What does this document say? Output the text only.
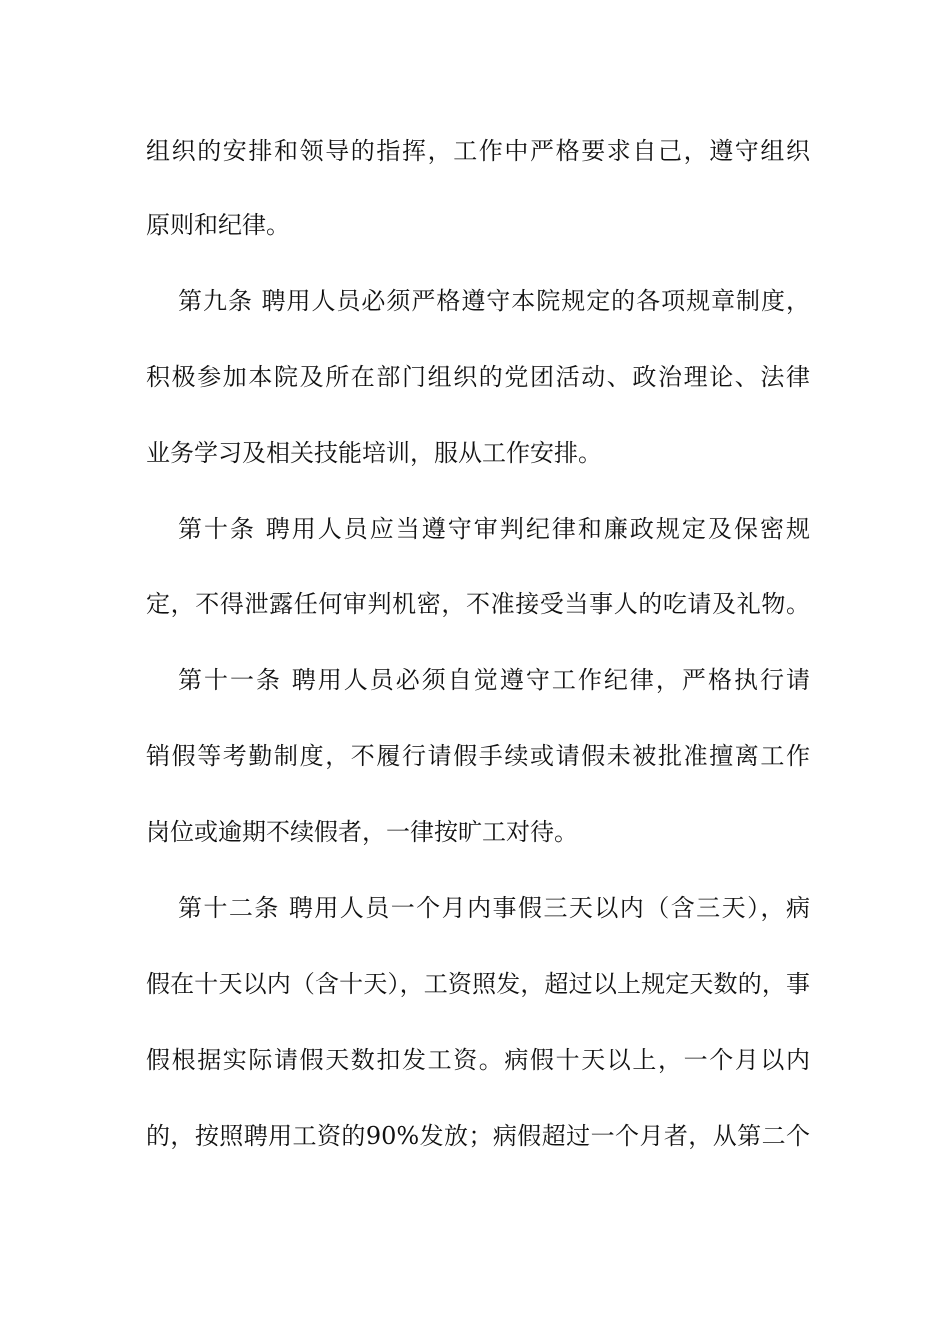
组织的安排和领导的指挥，工作中严格要求自己，遵守组织
原则和纪律。
第九条 聘用人员必须严格遵守本院规定的各项规章制度，
积极参加本院及所在部门组织的党团活动、政治理论、法律
业务学习及相关技能培训，服从工作安排。
第十条 聘用人员应当遵守审判纪律和廉政规定及保密规
定，不得泄露任何审判机密，不准接受当事人的吃请及礼物。
第十一条 聘用人员必须自觉遵守工作纪律，严格执行请
销假等考勤制度，不履行请假手续或请假未被批准擅离工作
岗位或逾期不续假者，一律按旷工对待。
第十二条 聘用人员一个月内事假三天以内（含三天），病
假在十天以内（含十天），工资照发，超过以上规定天数的，事
假根据实际请假天数扣发工资。病假十天以上，一个月以内
的，按照聘用工资的90%发放；病假超过一个月者，从第二个
